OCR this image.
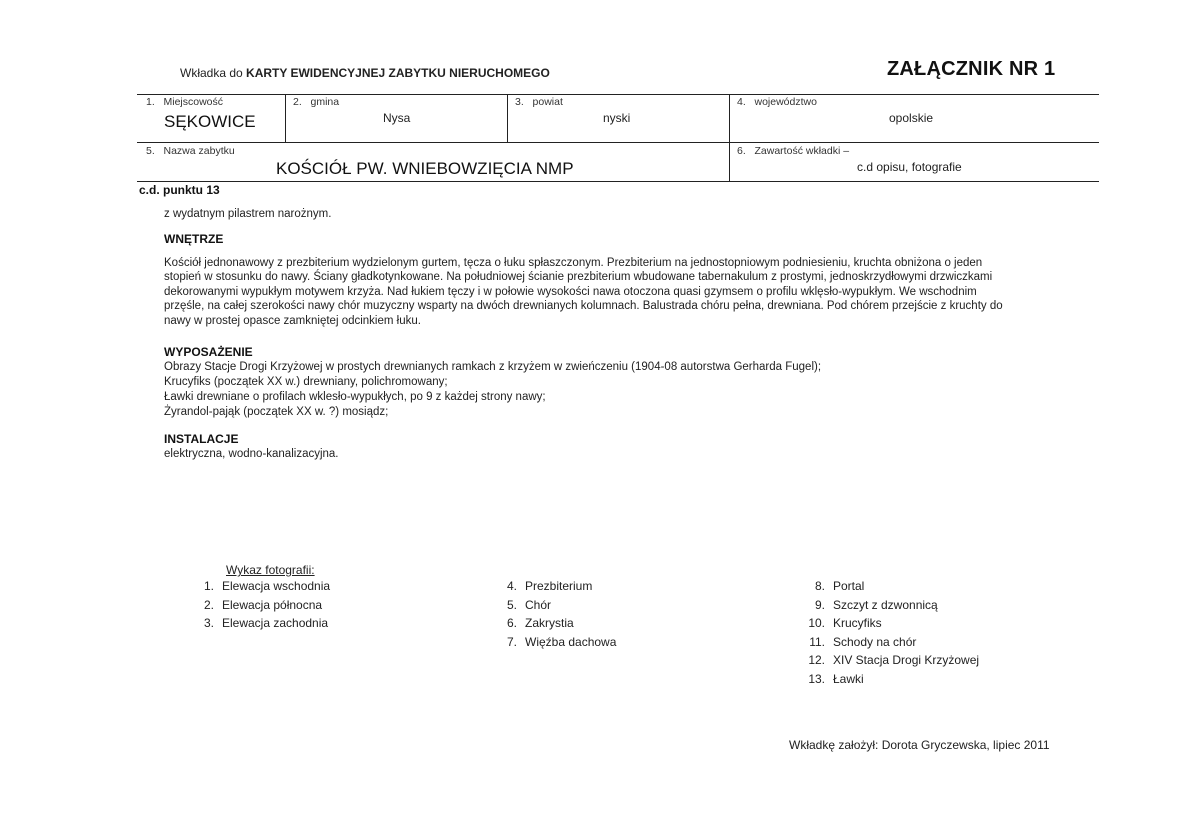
Wkładka do KARTY EWIDENCYJNEJ ZABYTKU NIERUCHOMEGO	ZAŁĄCZNIK NR 1
1.   Miejscowość
SĘKOWICE
2.   gmina
Nysa
3.   powiat
nyski
4.   województwo
opolskie
5.   Nazwa zabytku
KOŚCIÓŁ PW. WNIEBOWZIĘCIA NMP
6.   Zawartość wkładki –
c.d opisu, fotografie
c.d. punktu 13
z wydatnym pilastrem narożnym.
WNĘTRZE
Kościół jednonawowy z prezbiterium wydzielonym gurtem, tęcza o łuku spłaszczonym. Prezbiterium na jednostopniowym podniesieniu, kruchta obniżona o jeden
stopień w stosunku do nawy. Ściany gładkotynkowane. Na południowej ścianie prezbiterium wbudowane tabernakulum z prostymi, jednoskrzydłowymi drzwiczkami
dekorowanymi wypukłym motywem krzyża. Nad łukiem tęczy i w połowie wysokości nawa otoczona quasi gzymsem o profilu wklęsło-wypukłym. We wschodnim
przęśle, na całej szerokości nawy chór muzyczny wsparty na dwóch drewnianych kolumnach. Balustrada chóru pełna, drewniana. Pod chórem przejście z kruchty do
nawy w prostej opasce zamkniętej odcinkiem łuku.
WYPOSAŻENIE
Obrazy Stacje Drogi Krzyżowej w prostych drewnianych ramkach z krzyżem w zwieńczeniu (1904-08 autorstwa Gerharda Fugel);
Krucyfiks (początek XX w.) drewniany, polichromowany;
Ławki drewniane o profilach wklesło-wypukłych, po 9 z każdej strony nawy;
Żyrandol-pająk (początek XX w. ?) mosiądz;
INSTALACJE
elektryczna, wodno-kanalizacyjna.
Wykaz fotografii:
1. Elewacja wschodnia
2. Elewacja północna
3. Elewacja zachodnia
4. Prezbiterium
5. Chór
6. Zakrystia
7. Więźba dachowa
8. Portal
9. Szczyt z dzwonnicą
10. Krucyfiks
11. Schody na chór
12. XIV Stacja Drogi Krzyżowej
13. Ławki
Wkładkę założył: Dorota Gryczewska, lipiec 2011
